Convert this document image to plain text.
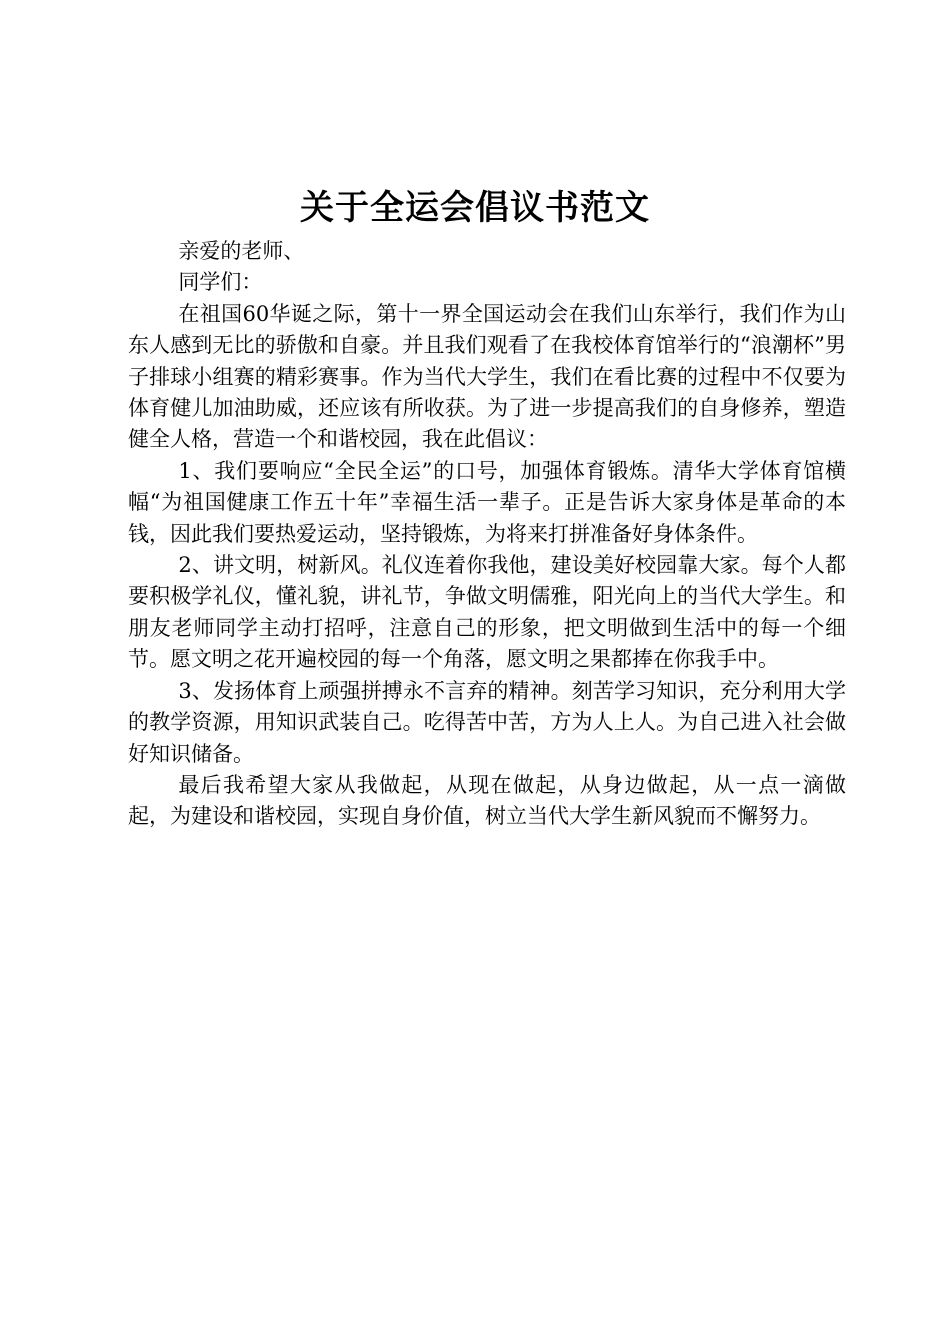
关于全运会倡议书范文

亲爱的老师、

同学们：

在祖国60华诞之际，第十一界全国运动会在我们山东举行，我们作为山东人感到无比的骄傲和自豪。并且我们观看了在我校体育馆举行的“浪潮杯”男子排球小组赛的精彩赛事。作为当代大学生，我们在看比赛的过程中不仅要为体育健儿加油助威，还应该有所收获。为了进一步提高我们的自身修养，塑造健全人格，营造一个和谐校园，我在此倡议：

1、我们要响应“全民全运”的口号，加强体育锻炼。清华大学体育馆横幅“为祖国健康工作五十年”幸福生活一辈子。正是告诉大家身体是革命的本钱，因此我们要热爱运动，坚持锻炼，为将来打拼准备好身体条件。

2、讲文明，树新风。礼仪连着你我他，建设美好校园靠大家。每个人都要积极学礼仪，懂礼貌，讲礼节，争做文明儒雅，阳光向上的当代大学生。和朋友老师同学主动打招呼，注意自己的形象，把文明做到生活中的每一个细节。愿文明之花开遍校园的每一个角落，愿文明之果都捧在你我手中。

3、发扬体育上顽强拼搏永不言弃的精神。刻苦学习知识，充分利用大学的教学资源，用知识武装自己。吃得苦中苦，方为人上人。为自己进入社会做好知识储备。

最后我希望大家从我做起，从现在做起，从身边做起，从一点一滴做起，为建设和谐校园，实现自身价值，树立当代大学生新风貌而不懈努力。
